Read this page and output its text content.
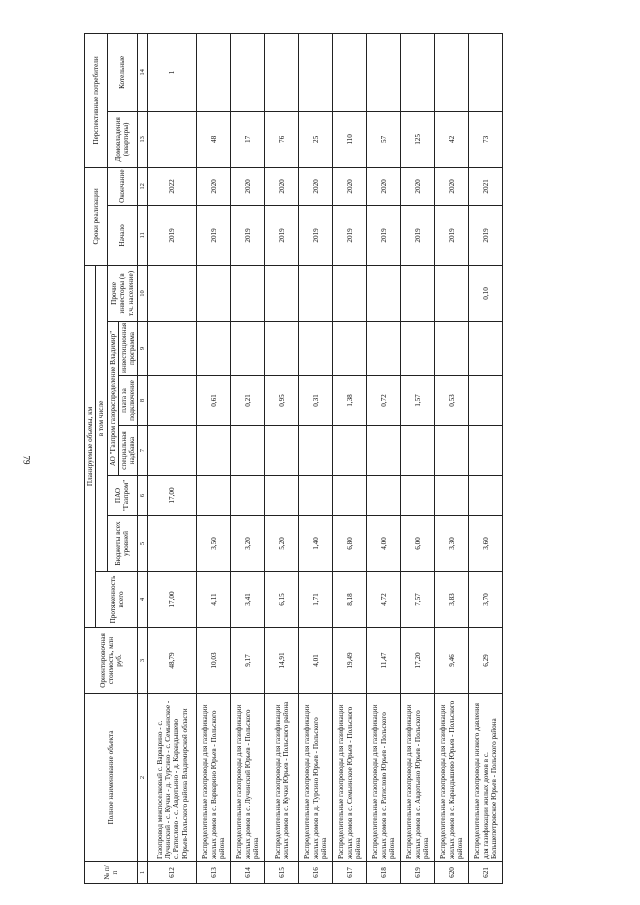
79
№ п/п	Полное наименование объекта	Ориентировочная стоимость, млн руб.	Планируемые объемы, км							Сроки реализации		Перспективные потребители	
			Протяженность всего	в том числе									
				Бюджеты всех уровней	ПАО "Газпром"	АО "Газпром газораспределение Владимир"			Прочие инвесторы (в т.ч. население)	Начало	Окончание	Домовладения (квартиры)	Котельные
						специальная надбавка	плата за подключение	инвестиционная программа					
1	2	3	4	5	6	7	8	9	10	11	12	13	14
612	Газопровод межпоселковый с. Варварино - с. Лучинский - с. Кучки - д. Турсино - с. Семьинское - с. Ратислово - с. Авдотьино - д. Карандышево Юрьев-Польского района Владимирской области	48,79	17,00		17,00					2019	2022		1
613	Распределительные газопроводы для газификации жилых домов в с. Варварино Юрьев - Польского района	10,03	4,11	3,50			0,61			2019	2020	48	
614	Распределительные газопроводы для газификации жилых домов в с. Лучинский Юрьев - Польского района	9,17	3,41	3,20			0,21			2019	2020	17	
615	Распределительные газопроводы для газификации жилых домов в с. Кучки Юрьев - Польского района	14,91	6,15	5,20			0,95			2019	2020	76	
616	Распределительные газопроводы для газификации жилых домов в д. Турсино Юрьев - Польского района	4,01	1,71	1,40			0,31			2019	2020	25	
617	Распределительные газопроводы для газификации жилых домов в с. Семьинское Юрьев - Польского района	19,49	8,18	6,80			1,38			2019	2020	110	
618	Распределительные газопроводы для газификации жилых домов в с. Ратислово Юрьев - Польского района	11,47	4,72	4,00			0,72			2019	2020	57	
619	Распределительные газопроводы для газификации жилых домов в с. Авдотьино Юрьев - Польского района	17,20	7,57	6,00			1,57			2019	2020	125	
620	Распределительные газопроводы для газификации жилых домов в с. Карандышево Юрьев - Польского района	9,46	3,83	3,30			0,53			2019	2020	42	
621	Распределительные газопроводы низкого давления для газификации жилых домов в с. Большепетровское Юрьев - Польского района	6,29	3,70	3,60					0,10	2019	2021	73	
